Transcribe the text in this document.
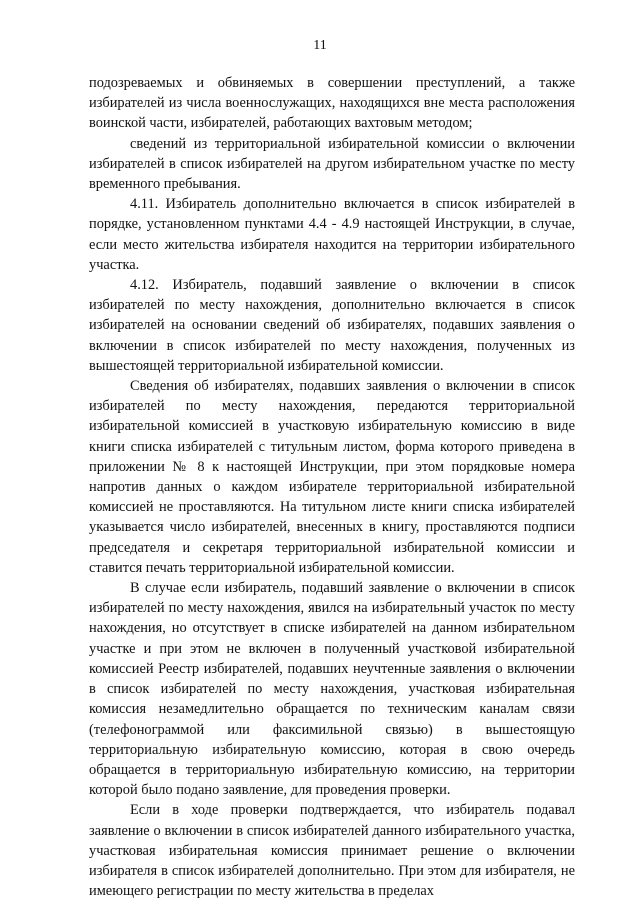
11

подозреваемых и обвиняемых в совершении преступлений, а также избирателей из числа военнослужащих, находящихся вне места расположения воинской части, избирателей, работающих вахтовым методом;

сведений из территориальной избирательной комиссии о включении избирателей в список избирателей на другом избирательном участке по месту временного пребывания.

4.11. Избиратель дополнительно включается в список избирателей в порядке, установленном пунктами 4.4 - 4.9 настоящей Инструкции, в случае, если место жительства избирателя находится на территории избирательного участка.

4.12. Избиратель, подавший заявление о включении в список избирателей по месту нахождения, дополнительно включается в список избирателей на основании сведений об избирателях, подавших заявления о включении в список избирателей по месту нахождения, полученных из вышестоящей территориальной избирательной комиссии.

Сведения об избирателях, подавших заявления о включении в список избирателей по месту нахождения, передаются территориальной избирательной комиссией в участковую избирательную комиссию в виде книги списка избирателей с титульным листом, форма которого приведена в приложении № 8 к настоящей Инструкции, при этом порядковые номера напротив данных о каждом избирателе территориальной избирательной комиссией не проставляются. На титульном листе книги списка избирателей указывается число избирателей, внесенных в книгу, проставляются подписи председателя и секретаря территориальной избирательной комиссии и ставится печать территориальной избирательной комиссии.

В случае если избиратель, подавший заявление о включении в список избирателей по месту нахождения, явился на избирательный участок по месту нахождения, но отсутствует в списке избирателей на данном избирательном участке и при этом не включен в полученный участковой избирательной комиссией Реестр избирателей, подавших неучтенные заявления о включении в список избирателей по месту нахождения, участковая избирательная комиссия незамедлительно обращается по техническим каналам связи (телефонограммой или факсимильной связью) в вышестоящую территориальную избирательную комиссию, которая в свою очередь обращается в территориальную избирательную комиссию, на территории которой было подано заявление, для проведения проверки.

Если в ходе проверки подтверждается, что избиратель подавал заявление о включении в список избирателей данного избирательного участка, участковая избирательная комиссия принимает решение о включении избирателя в список избирателей дополнительно. При этом для избирателя, не имеющего регистрации по месту жительства в пределах
